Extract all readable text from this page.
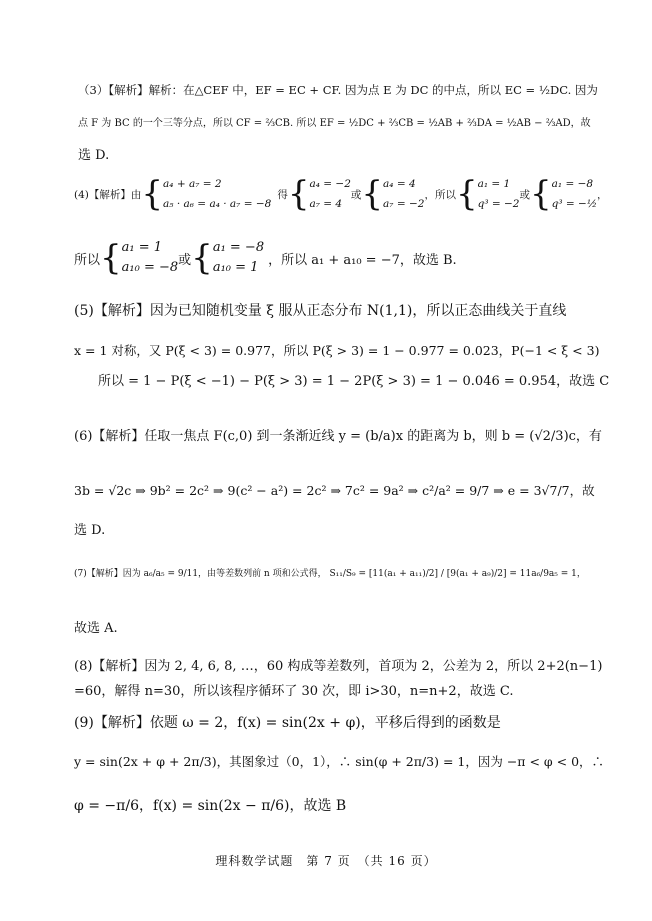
（3）【解析】解析：在△CEF 中，EF = EC + CF. 因为点 E 为 DC 的中点，所以 EC = ½DC. 因为
点 F 为 BC 的一个三等分点，所以 CF = ⅔CB. 所以 EF = ½DC + ⅔CB = ½AB + ⅔DA = ½AB − ⅔AD，故
选 D.
(4)【解析】由 { a₄ + a₇ = 2
a₅ · a₆ = a₄ · a₇ = −8
得 { a₄ = −2
a₇ = 4
或 { a₄ = 4
a₇ = −2
，所以 { a₁ = 1
q³ = −2
或 { a₁ = −8
q³ = −½
，
所以 { a₁ = 1
a₁₀ = −8 或 { a₁ = −8
a₁₀ = 1 ，所以 a₁ + a₁₀ = −7，故选 B.
(5)【解析】因为已知随机变量 ξ 服从正态分布 N(1,1)，所以正态曲线关于直线
x = 1 对称，又 P(ξ < 3) = 0.977，所以 P(ξ > 3) = 1 − 0.977 = 0.023，P(−1 < ξ < 3)
所以 = 1 − P(ξ < −1) − P(ξ > 3) = 1 − 2P(ξ > 3) = 1 − 0.046 = 0.954，故选 C
(6)【解析】任取一焦点 F(c,0) 到一条渐近线 y = (b/a)x 的距离为 b，则 b = (√2/3)c，有
3b = √2c ⇒ 9b² = 2c² ⇒ 9(c² − a²) = 2c² ⇒ 7c² = 9a² ⇒ c²/a² = 9/7 ⇒ e = 3√7/7，故
选 D.
(7)【解析】因为 a₆/a₅ = 9/11，由等差数列前 n 项和公式得， S₁₁/S₉ = [11(a₁ + a₁₁)/2] / [9(a₁ + a₉)/2] = 11a₆/9a₅ = 1，
故选 A.
(8)【解析】因为 2, 4, 6, 8, …，60 构成等差数列，首项为 2，公差为 2，所以 2+2(n−1)
=60，解得 n=30，所以该程序循环了 30 次，即 i>30，n=n+2，故选 C.
(9)【解析】依题 ω = 2，f(x) = sin(2x + φ)，平移后得到的函数是
y = sin(2x + φ + 2π/3)，其图象过（0，1），∴ sin(φ + 2π/3) = 1，因为 −π < φ < 0，∴
φ = −π/6，f(x) = sin(2x − π/6)，故选 B
理科数学试题　第 7 页　（共 16 页）
